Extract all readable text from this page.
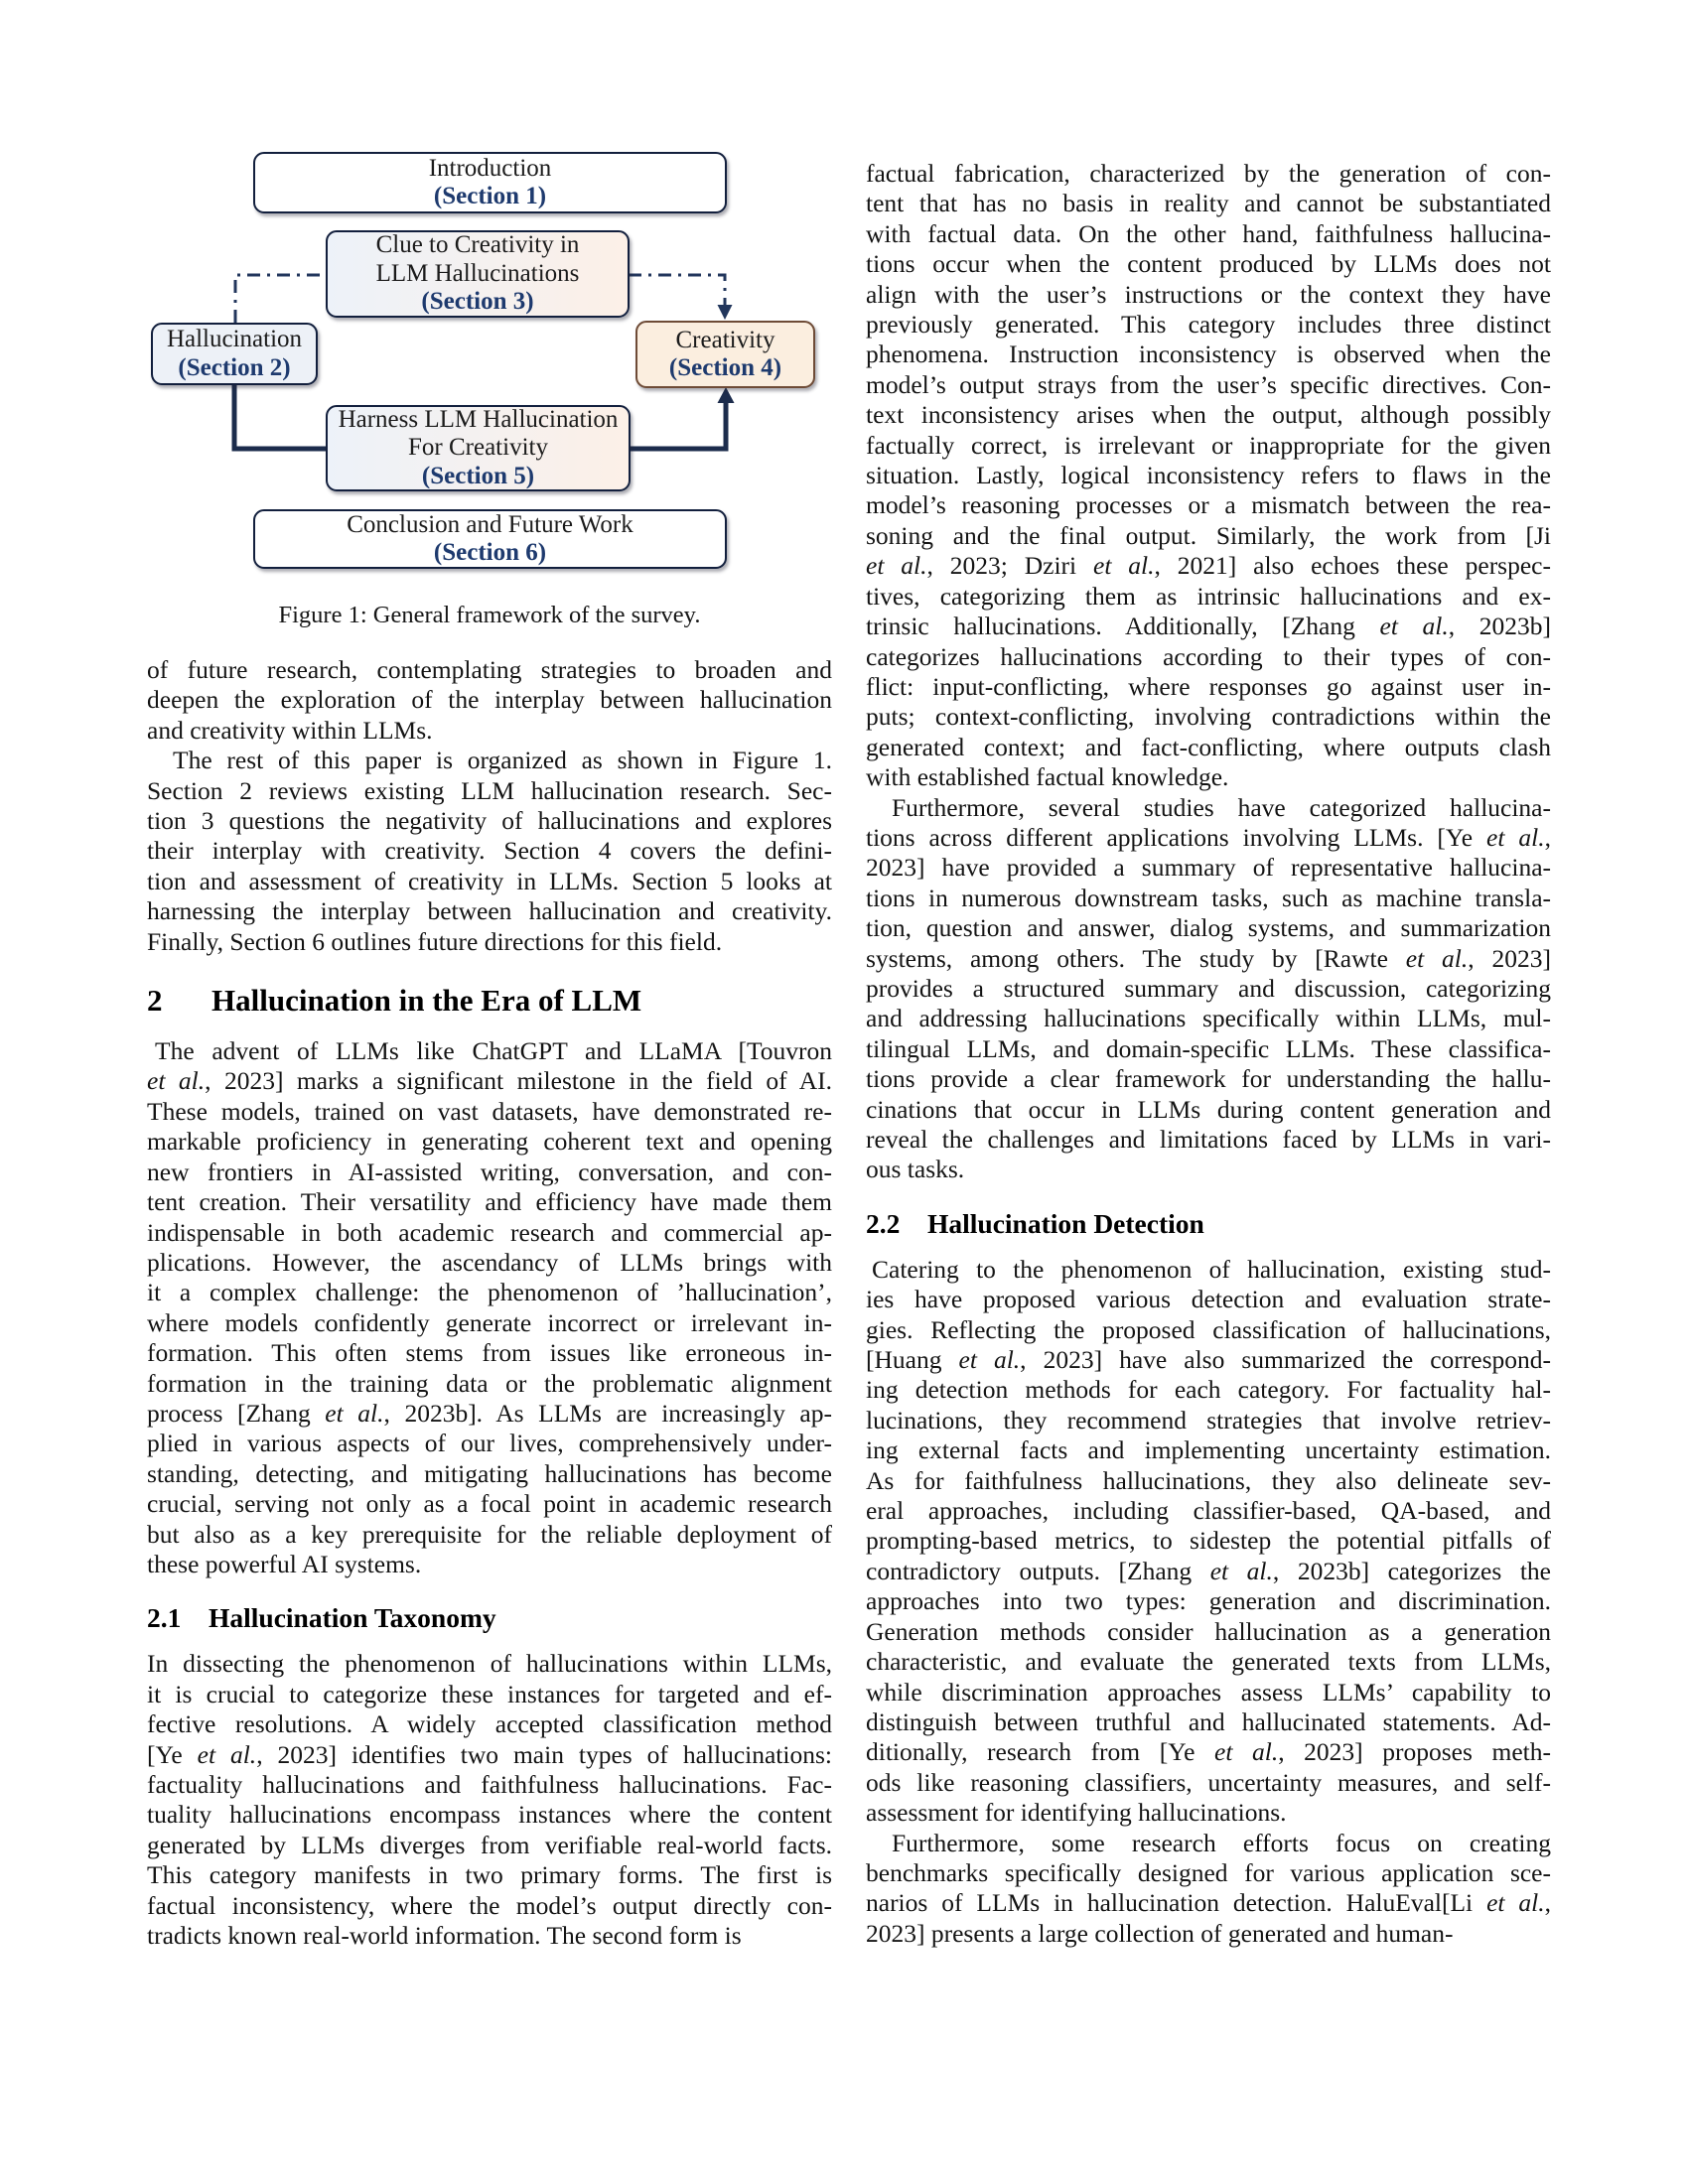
Introduction
(Section 1)
Clue to Creativity in
LLM Hallucinations
(Section 3)
Hallucination
(Section 2)
Creativity
(Section 4)
Harness LLM Hallucination
For Creativity
(Section 5)
Conclusion and Future Work
(Section 6)
Figure 1: General framework of the survey.
of future research, contemplating strategies to broaden and
deepen the exploration of the interplay between hallucination
and creativity within LLMs.
The rest of this paper is organized as shown in Figure 1.
Section 2 reviews existing LLM hallucination research. Sec-
tion 3 questions the negativity of hallucinations and explores
their interplay with creativity. Section 4 covers the defini-
tion and assessment of creativity in LLMs. Section 5 looks at
harnessing the interplay between hallucination and creativity.
Finally, Section 6 outlines future directions for this field.
2 Hallucination in the Era of LLM
The advent of LLMs like ChatGPT and LLaMA [Touvron
et al., 2023] marks a significant milestone in the field of AI.
These models, trained on vast datasets, have demonstrated re-
markable proficiency in generating coherent text and opening
new frontiers in AI-assisted writing, conversation, and con-
tent creation. Their versatility and efficiency have made them
indispensable in both academic research and commercial ap-
plications. However, the ascendancy of LLMs brings with
it a complex challenge: the phenomenon of ’hallucination’,
where models confidently generate incorrect or irrelevant in-
formation. This often stems from issues like erroneous in-
formation in the training data or the problematic alignment
process [Zhang et al., 2023b]. As LLMs are increasingly ap-
plied in various aspects of our lives, comprehensively under-
standing, detecting, and mitigating hallucinations has become
crucial, serving not only as a focal point in academic research
but also as a key prerequisite for the reliable deployment of
these powerful AI systems.
2.1 Hallucination Taxonomy
In dissecting the phenomenon of hallucinations within LLMs,
it is crucial to categorize these instances for targeted and ef-
fective resolutions. A widely accepted classification method
[Ye et al., 2023] identifies two main types of hallucinations:
factuality hallucinations and faithfulness hallucinations. Fac-
tuality hallucinations encompass instances where the content
generated by LLMs diverges from verifiable real-world facts.
This category manifests in two primary forms. The first is
factual inconsistency, where the model’s output directly con-
tradicts known real-world information. The second form is
factual fabrication, characterized by the generation of con-
tent that has no basis in reality and cannot be substantiated
with factual data. On the other hand, faithfulness hallucina-
tions occur when the content produced by LLMs does not
align with the user’s instructions or the context they have
previously generated. This category includes three distinct
phenomena. Instruction inconsistency is observed when the
model’s output strays from the user’s specific directives. Con-
text inconsistency arises when the output, although possibly
factually correct, is irrelevant or inappropriate for the given
situation. Lastly, logical inconsistency refers to flaws in the
model’s reasoning processes or a mismatch between the rea-
soning and the final output. Similarly, the work from [Ji
et al., 2023; Dziri et al., 2021] also echoes these perspec-
tives, categorizing them as intrinsic hallucinations and ex-
trinsic hallucinations. Additionally, [Zhang et al., 2023b]
categorizes hallucinations according to their types of con-
flict: input-conflicting, where responses go against user in-
puts; context-conflicting, involving contradictions within the
generated context; and fact-conflicting, where outputs clash
with established factual knowledge.
Furthermore, several studies have categorized hallucina-
tions across different applications involving LLMs. [Ye et al.,
2023] have provided a summary of representative hallucina-
tions in numerous downstream tasks, such as machine transla-
tion, question and answer, dialog systems, and summarization
systems, among others. The study by [Rawte et al., 2023]
provides a structured summary and discussion, categorizing
and addressing hallucinations specifically within LLMs, mul-
tilingual LLMs, and domain-specific LLMs. These classifica-
tions provide a clear framework for understanding the hallu-
cinations that occur in LLMs during content generation and
reveal the challenges and limitations faced by LLMs in vari-
ous tasks.
2.2 Hallucination Detection
Catering to the phenomenon of hallucination, existing stud-
ies have proposed various detection and evaluation strate-
gies. Reflecting the proposed classification of hallucinations,
[Huang et al., 2023] have also summarized the correspond-
ing detection methods for each category. For factuality hal-
lucinations, they recommend strategies that involve retriev-
ing external facts and implementing uncertainty estimation.
As for faithfulness hallucinations, they also delineate sev-
eral approaches, including classifier-based, QA-based, and
prompting-based metrics, to sidestep the potential pitfalls of
contradictory outputs. [Zhang et al., 2023b] categorizes the
approaches into two types: generation and discrimination.
Generation methods consider hallucination as a generation
characteristic, and evaluate the generated texts from LLMs,
while discrimination approaches assess LLMs’ capability to
distinguish between truthful and hallucinated statements. Ad-
ditionally, research from [Ye et al., 2023] proposes meth-
ods like reasoning classifiers, uncertainty measures, and self-
assessment for identifying hallucinations.
Furthermore, some research efforts focus on creating
benchmarks specifically designed for various application sce-
narios of LLMs in hallucination detection. HaluEval[Li et al.,
2023] presents a large collection of generated and human-
